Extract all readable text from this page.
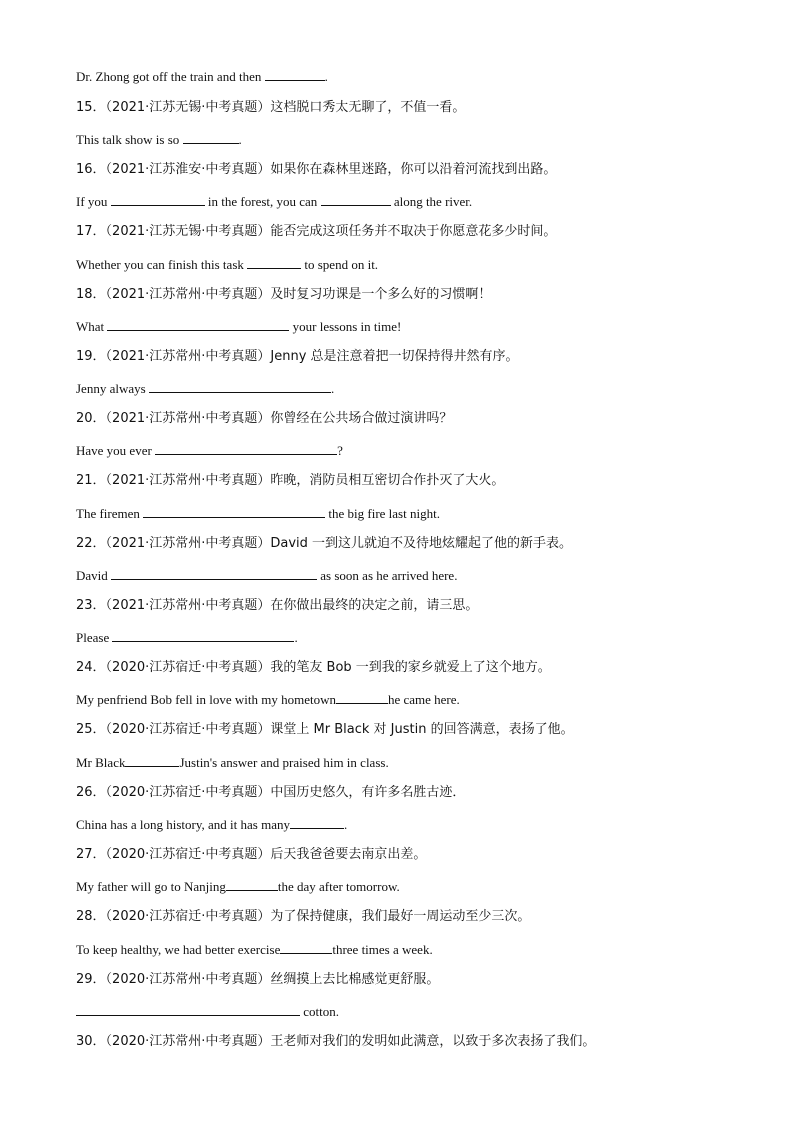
Dr. Zhong got off the train and then	.
15．（2021·江苏无锡·中考真题）这档脱口秀太无聊了，不值一看。
This talk show is so	.
16．（2021·江苏淮安·中考真题）如果你在森林里迷路，你可以沿着河流找到出路。
If you	in the forest, you can	along the river.
17．（2021·江苏无锡·中考真题）能否完成这项任务并不取决于你愿意花多少时间。
Whether you can finish this task	to spend on it.
18．（2021·江苏常州·中考真题）及时复习功课是一个多么好的习惯啊！
What	your lessons in time!
19．（2021·江苏常州·中考真题）Jenny 总是注意着把一切保持得井然有序。
Jenny always	.
20．（2021·江苏常州·中考真题）你曾经在公共场合做过演讲吗？
Have you ever	?
21．（2021·江苏常州·中考真题）昨晚，消防员相互密切合作扑灭了大火。
The firemen	the big fire last night.
22．（2021·江苏常州·中考真题）David 一到这儿就迫不及待地炫耀起了他的新手表。
David	as soon as he arrived here.
23．（2021·江苏常州·中考真题）在你做出最终的决定之前，请三思。
Please	.
24．（2020·江苏宿迁·中考真题）我的笔友 Bob 一到我的家乡就爱上了这个地方。
My penfriend Bob fell in love with my hometown	he came here.
25．（2020·江苏宿迁·中考真题）课堂上 Mr Black 对 Justin 的回答满意，表扬了他。
Mr Black	Justin's answer and praised him in class.
26．（2020·江苏宿迁·中考真题）中国历史悠久，有许多名胜古迹．
China has a long history, and it has many	.
27．（2020·江苏宿迁·中考真题）后天我爸爸要去南京出差。
My father will go to Nanjing	the day after tomorrow.
28．（2020·江苏宿迁·中考真题）为了保持健康，我们最好一周运动至少三次。
To keep healthy, we had better exercise	three times a week.
29．（2020·江苏常州·中考真题）丝绸摸上去比棉感觉更舒服。
cotton.
30．（2020·江苏常州·中考真题）王老师对我们的发明如此满意，以致于多次表扬了我们。
